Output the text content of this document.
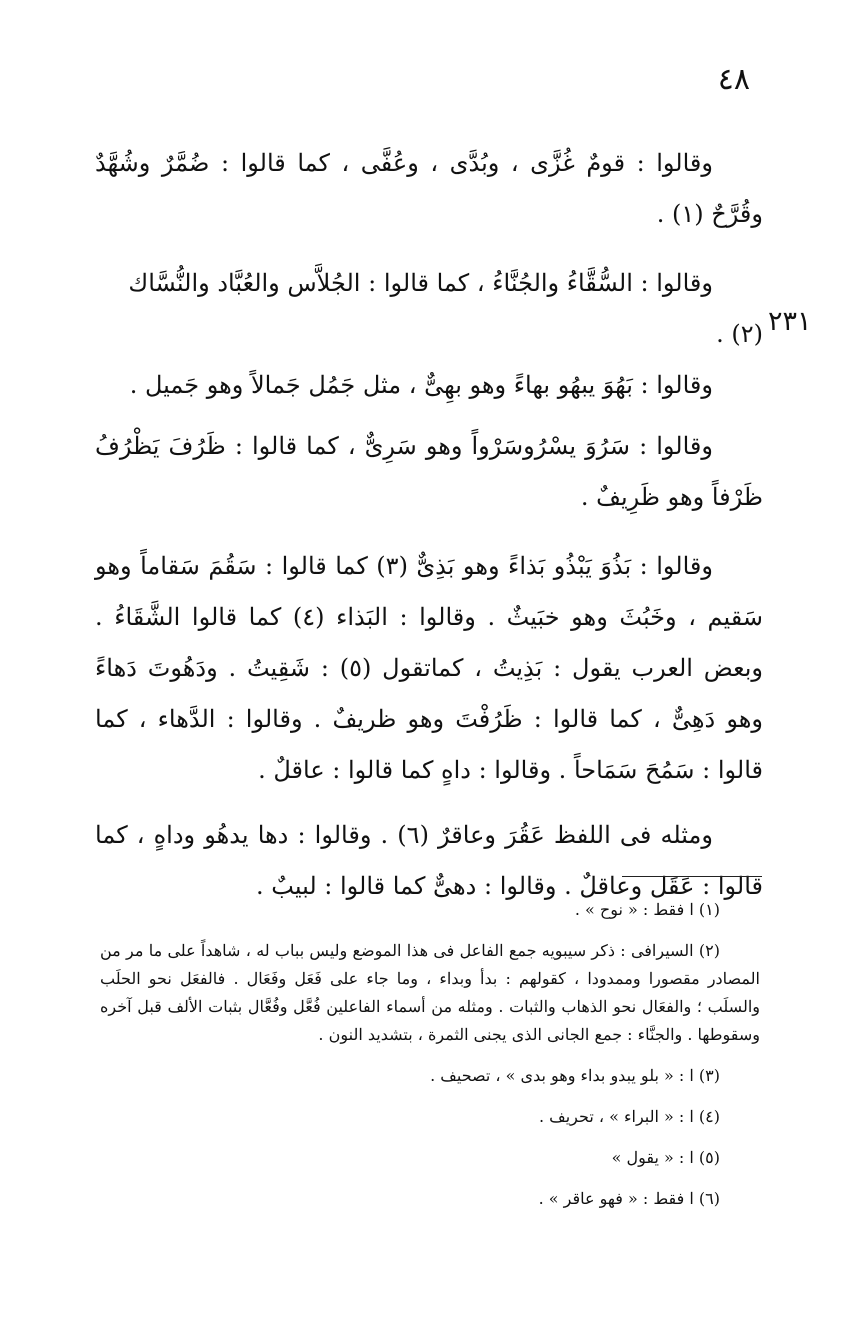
٤٨
٢٣١

وقالوا : قومٌ غُزَّى ، وبُدَّى ، وعُفَّى ، كما قالوا : ضُمَّرٌ وشُهَّدٌ وقُرَّحٌ (١) .

وقالوا : السُّقَّاءُ والجُنَّاءُ ، كما قالوا : الجُلاَّس والعُبَّاد والنُّسَّاك (٢) .

وقالوا : بَهُوَ يبهُو بهاءً وهو بهِىٌّ ، مثل جَمُل جَمالاً وهو جَميل .

وقالوا : سَرُوَ يسْرُوسَرْواً وهو سَرِىٌّ ، كما قالوا : ظَرُفَ يَظْرُفُ ظَرْفاً وهو ظَرِيفٌ .

وقالوا : بَذُوَ يَبْذُو بَذاءً وهو بَذِىٌّ (٣) كما قالوا : سَقُمَ سَقاماً وهو سَقيم ، وخَبُثَ وهو خبَيثٌ . وقالوا : البَذاء (٤) كما قالوا الشَّقَاءُ . وبعض العرب يقول : بَذِيتُ ، كماتقول (٥) : شَقِيتُ . ودَهُوتَ دَهاءً وهو دَهِىٌّ ، كما قالوا : ظَرُفْتَ وهو ظريفٌ . وقالوا : الدَّهاء ، كما قالوا : سَمُحَ سَمَاحاً . وقالوا : داهٍ كما قالوا : عاقلٌ .

ومثله فى اللفظ عَقُرَ وعاقرٌ (٦) . وقالوا : دها يدهُو وداهٍ ، كما قالوا : عَقَل وعاقلٌ . وقالوا : دهىٌّ كما قالوا : لبيبٌ .

(١) ا فقط : « نوح » .

(٢) السيرافى : ذكر سيبويه جمع الفاعل فى هذا الموضع وليس بباب له ، شاهداً على ما مر من المصادر مقصورا وممدودا ، كقولهم : بدأ وبداء ، وما جاء على فَعَل وفَعَال . فالفعَل نحو الحلَب والسلَب ؛ والفعَال نحو الذهاب والثبات . ومثله من أسماء الفاعلين فُعَّل وفُعَّال بثبات الألف قبل آخره وسقوطها . والجنَّاء : جمع الجانى الذى يجنى الثمرة ، بتشديد النون .

(٣) ا : « بلو يبدو بداء وهو بدى » ، تصحيف .

(٤) ا : « البراء » ، تحريف .

(٥) ا : « يقول »

(٦) ا فقط : « فهو عاقر » .
